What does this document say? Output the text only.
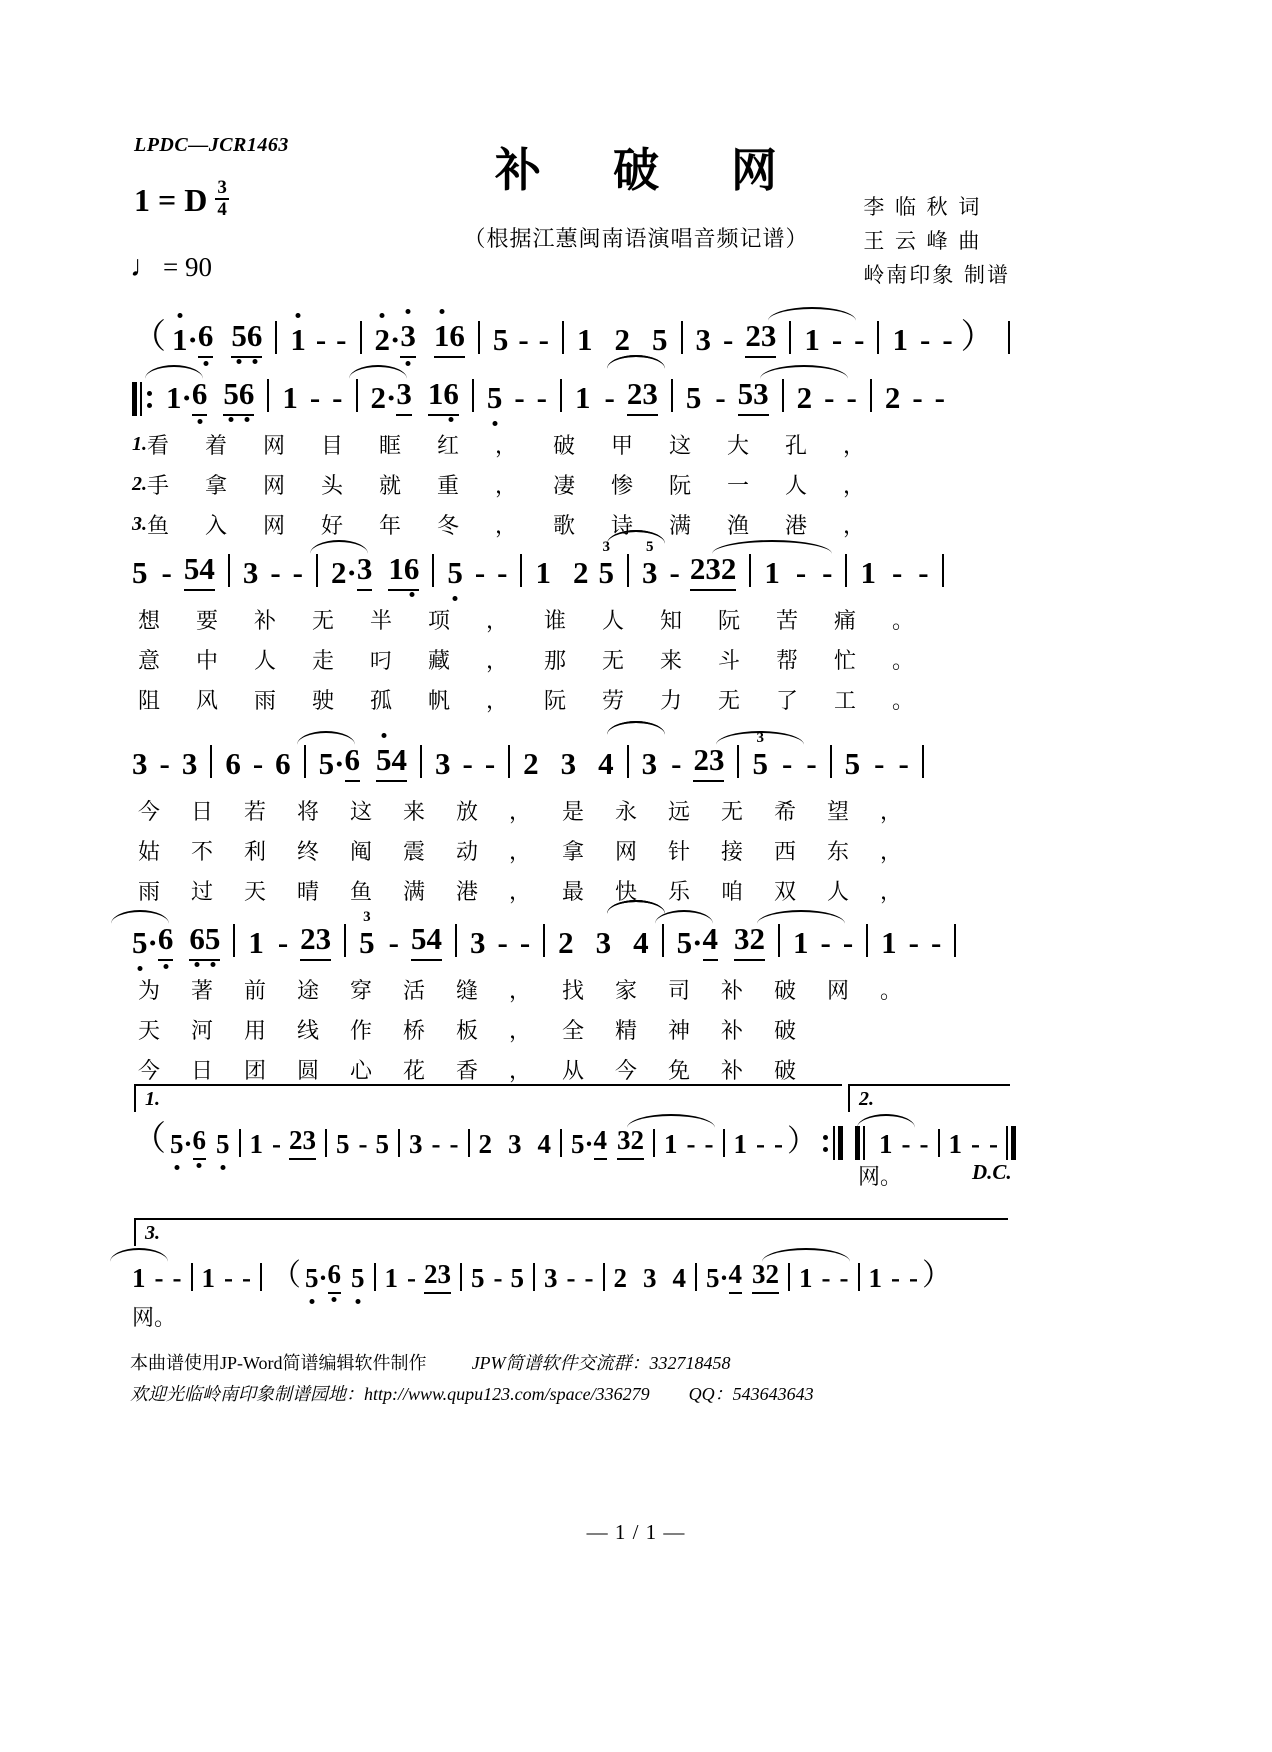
LPDC—JCR1463	补 破 网
（根据江蕙闽南语演唱音频记谱）
1 = D $\frac{3}{4}$
♩ = 90
李 临 秋 词
王 云 峰 曲
岭南印象 制谱
（ 1 · 6 56 1 - - 2 · 3 16 5 - - 1 2 5 3 - 23 1 - - 1 - - ）
1 · 6 56 1 - - 2 · 3 16 5 - - 1 - 23 5 - 53 2 - - 2 - -
1. 看着网目眶红，破甲这大孔，
2. 手拿网头就重，凄惨阮一人，
3. 鱼入网好年冬，歌诗满渔港，
5 - 54 3 - - 2 · 3 16 5 - - 1 2
3
5
5
3 - 232 1 - - 1 - -
想要补无半项，谁人知阮苦痛。
意中人走叼藏，那无来斗帮忙。
阻风雨驶孤帆，阮劳力无了工。
3 - 3 6 - 6 5 · 6 54 3 - - 2 3 4 3 - 23
3
5 - - 5 - -
今日若将这来放，是永远无希望，
姑不利终阄震动，拿网针接西东，
雨过天晴鱼满港，最快乐咱双人，
5 · 6 65 1 - 23
3
5 - 54 3 - - 2 3 4 5 · 4 32 1 - - 1 - -
为著前途穿活缝，找家司补破网。
天河用线作桥板，全精神补破
今日团圆心花香，从今免补破
1.	2.
（ 5 · 6 5 1 - 23 5 - 5 3 - - 2 3 4 5 · 4 32 1 - - 1 - - ） 1 - - 1 - -
网。	D.C.
3.
1 - - 1 - - （ 5 · 6 5 1 - 23 5 - 5 3 - - 2 3 4 5 · 4 32 1 - - 1 - - ）
网。
本曲谱使用JP-Word简谱编辑软件制作	JPW简谱软件交流群：332718458
欢迎光临岭南印象制谱园地：http://www.qupu123.com/space/336279 QQ：543643643
— 1 / 1 —
